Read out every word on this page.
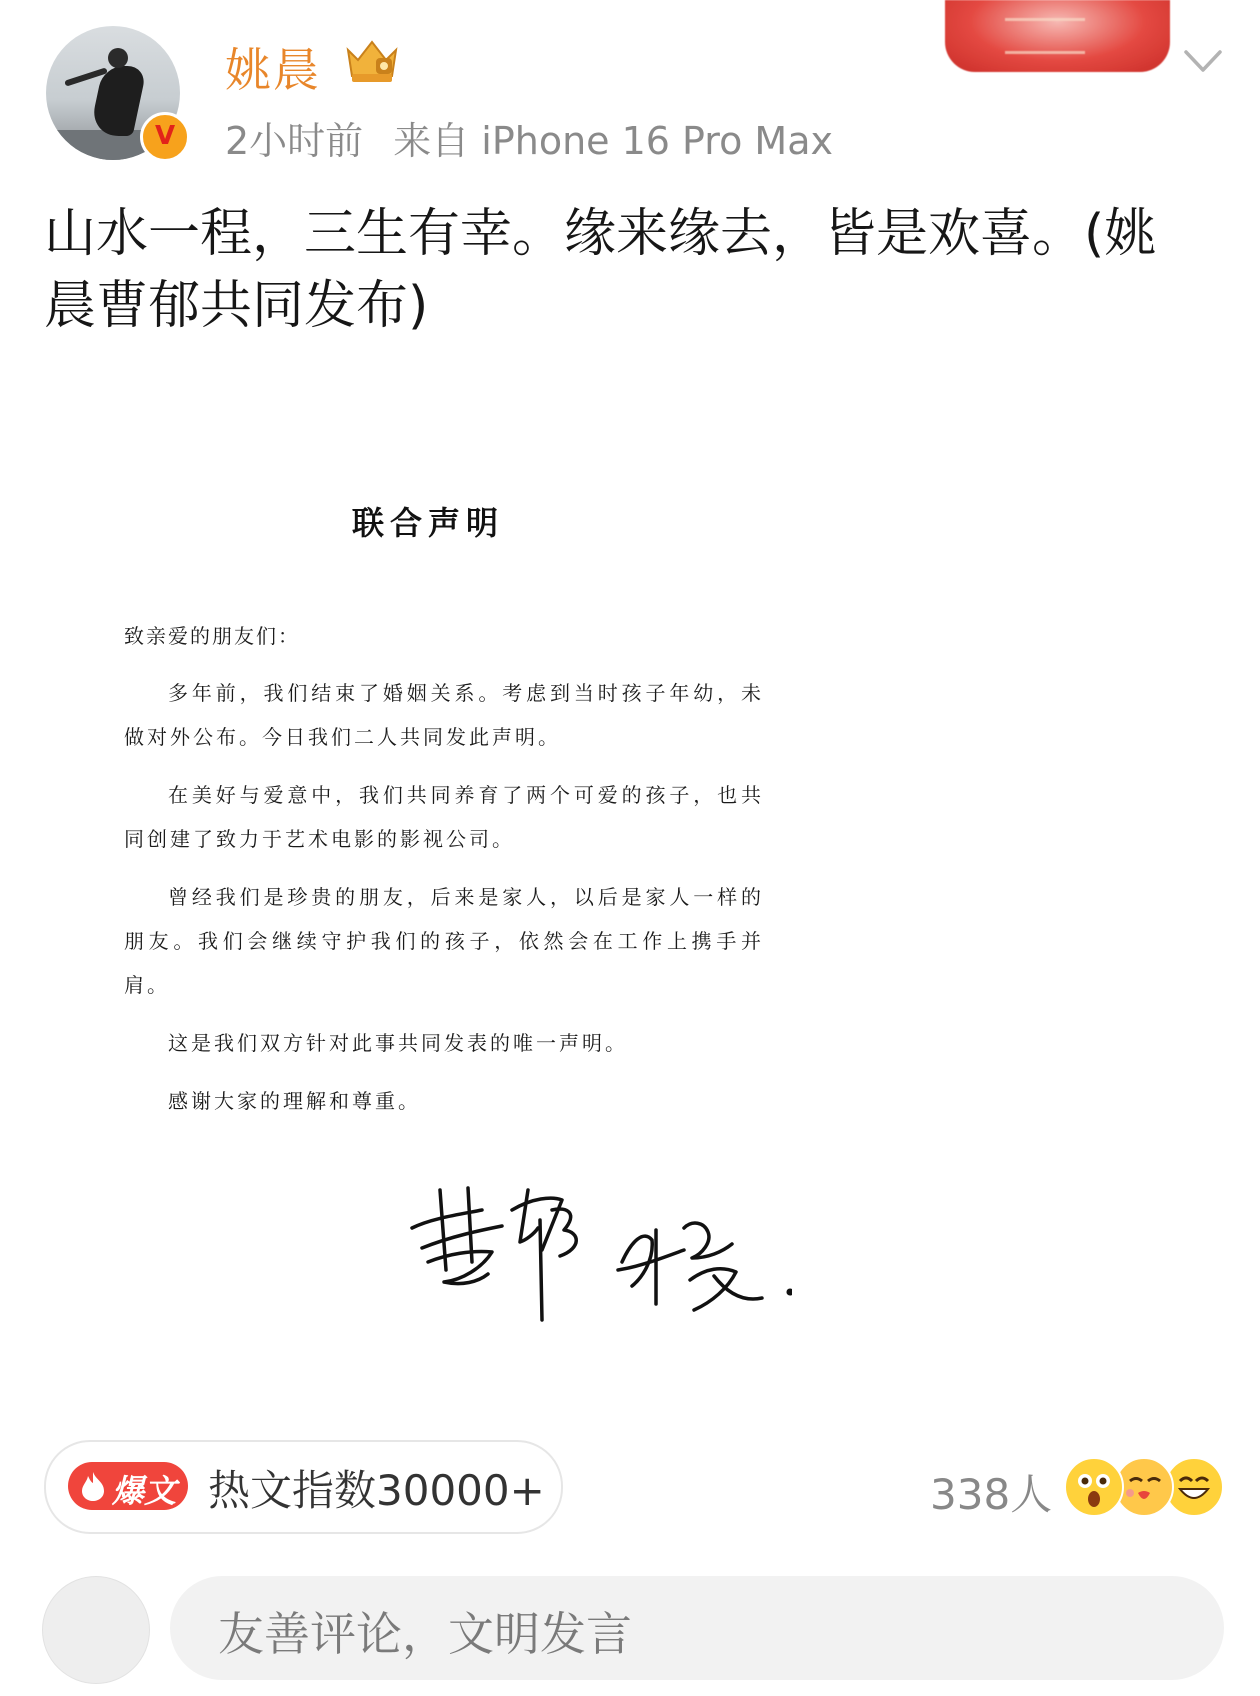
V
姚晨
2小时前 来自 iPhone 16 Pro Max
山水一程，三生有幸。缘来缘去，皆是欢喜。(姚晨曹郁共同发布)
联合声明

致亲爱的朋友们：

多年前，我们结束了婚姻关系。考虑到当时孩子年幼，未做对外公布。今日我们二人共同发此声明。

在美好与爱意中，我们共同养育了两个可爱的孩子，也共同创建了致力于艺术电影的影视公司。

曾经我们是珍贵的朋友，后来是家人，以后是家人一样的朋友。我们会继续守护我们的孩子，依然会在工作上携手并肩。

这是我们双方针对此事共同发表的唯一声明。

感谢大家的理解和尊重。

爆文 热文指数30000+	338人
友善评论，文明发言
